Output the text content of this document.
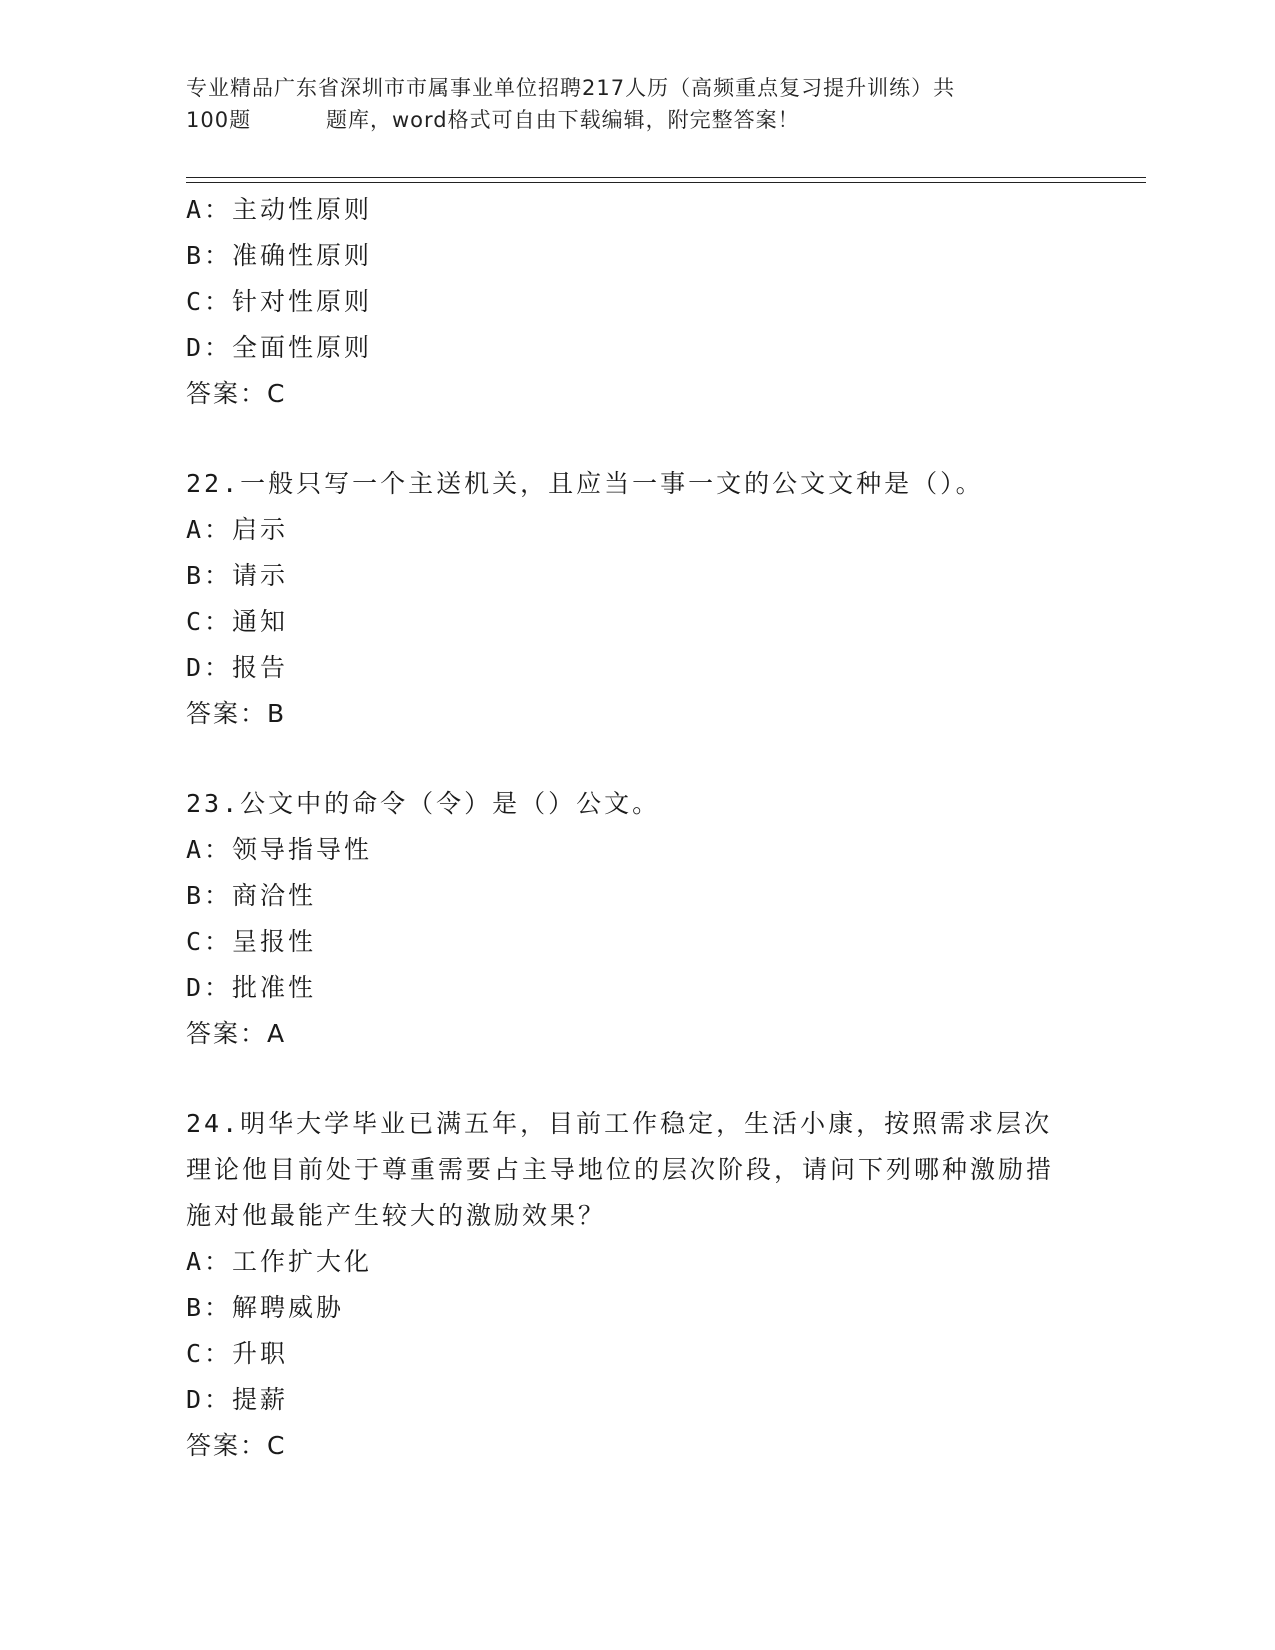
专业精品广东省深圳市市属事业单位招聘217人历（高频重点复习提升训练）共
100题	题库，word格式可自由下载编辑，附完整答案！
A：主动性原则
B：准确性原则
C：针对性原则
D：全面性原则
答案：C
22.一般只写一个主送机关，且应当一事一文的公文文种是（）。
A：启示
B：请示
C：通知
D：报告
答案：B
23.公文中的命令（令）是（）公文。
A：领导指导性
B：商洽性
C：呈报性
D：批准性
答案：A
24.明华大学毕业已满五年，目前工作稳定，生活小康，按照需求层次理论他目前处于尊重需要占主导地位的层次阶段，请问下列哪种激励措施对他最能产生较大的激励效果？
A：工作扩大化
B：解聘威胁
C：升职
D：提薪
答案：C
